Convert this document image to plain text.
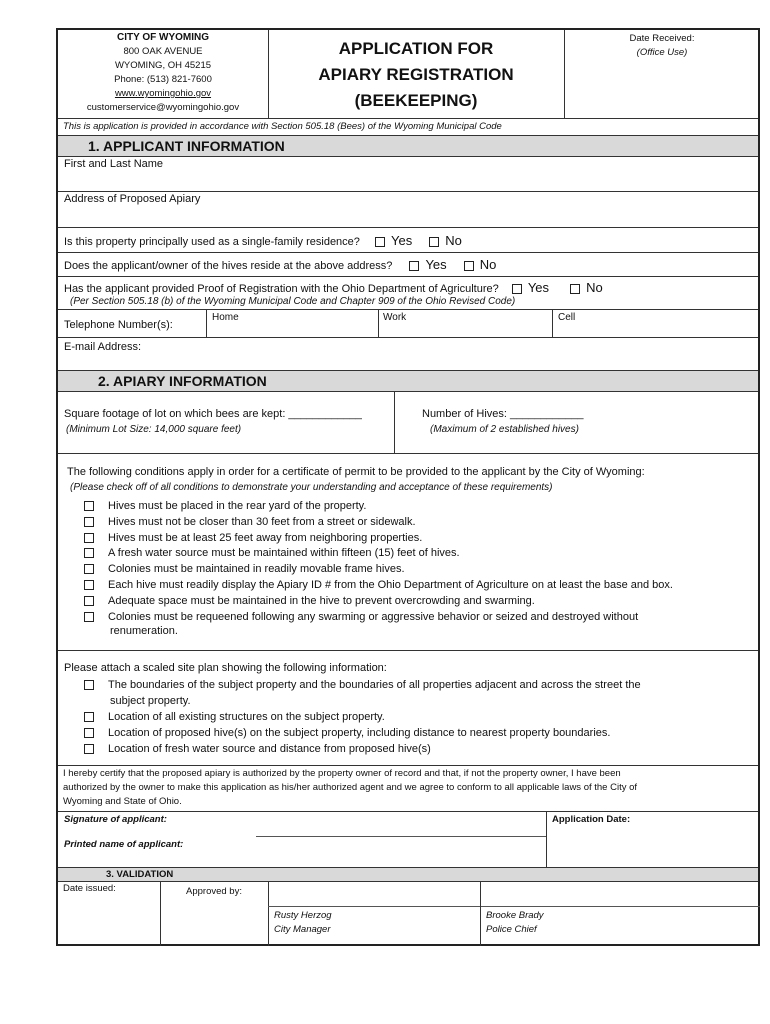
CITY OF WYOMING
800 OAK AVENUE
WYOMING, OH 45215
Phone: (513) 821-7600
www.wyomingohio.gov
customerservice@wyomingohio.gov
APPLICATION FOR
APIARY REGISTRATION
(BEEKEEPING)
Date Received:
(Office Use)
This is application is provided in accordance with Section 505.18 (Bees) of the Wyoming Municipal Code
1. APPLICANT INFORMATION
First and Last Name
Address of Proposed Apiary
Is this property principally used as a single-family residence? Yes	No
Does the applicant/owner of the hives reside at the above address?	Yes	No
Has the applicant provided Proof of Registration with the Ohio Department of Agriculture? Yes	No
(Per Section 505.18 (b) of the Wyoming Municipal Code and Chapter 909 of the Ohio Revised Code)
Telephone Number(s):
Home	Work	Cell
E-mail Address:
2. APIARY INFORMATION
Square footage of lot on which bees are kept: ____________
(Minimum Lot Size: 14,000 square feet)
Number of Hives: ____________
(Maximum of 2 established hives)
The following conditions apply in order for a certificate of permit to be provided to the applicant by the City of Wyoming:
(Please check off of all conditions to demonstrate your understanding and acceptance of these requirements)
Hives must be placed in the rear yard of the property.
Hives must not be closer than 30 feet from a street or sidewalk.
Hives must be at least 25 feet away from neighboring properties.
A fresh water source must be maintained within fifteen (15) feet of hives.
Colonies must be maintained in readily movable frame hives.
Each hive must readily display the Apiary ID # from the Ohio Department of Agriculture on at least the base and box.
Adequate space must be maintained in the hive to prevent overcrowding and swarming.
Colonies must be requeened following any swarming or aggressive behavior or seized and destroyed without
renumeration.
Please attach a scaled site plan showing the following information:
The boundaries of the subject property and the boundaries of all properties adjacent and across the street the
Location of all existing structures on the subject property.
Location of proposed hive(s) on the subject property, including distance to nearest property boundaries.
Location of fresh water source and distance from proposed hive(s)
subject property.
I hereby certify that the proposed apiary is authorized by the property owner of record and that, if not the property owner, I have been
authorized by the owner to make this application as his/her authorized agent and we agree to conform to all applicable laws of the City of
Wyoming and State of Ohio.
Signature of applicant:
Printed name of applicant:
Application Date:
3. VALIDATION
Date issued:	Approved by:
Rusty Herzog
City Manager
Brooke Brady
Police Chief
